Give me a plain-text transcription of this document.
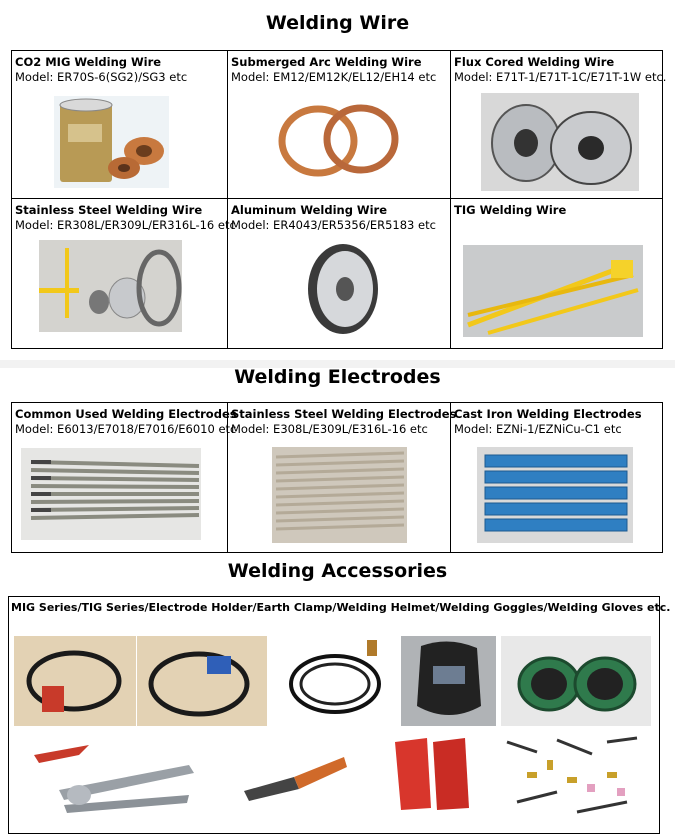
Welding Wire
CO2 MIG Welding Wire
Model: ER70S-6(SG2)/SG3 etc
Submerged Arc Welding Wire
Model: EM12/EM12K/EL12/EH14 etc
Flux Cored Welding Wire
Model: E71T-1/E71T-1C/E71T-1W etc.
Stainless Steel Welding Wire
Model: ER308L/ER309L/ER316L-16 etc
Aluminum Welding Wire
Model: ER4043/ER5356/ER5183 etc
TIG Welding Wire
Welding Electrodes
Common Used Welding Electrodes
Model: E6013/E7018/E7016/E6010 etc
Stainless Steel Welding Electrodes
Model: E308L/E309L/E316L-16 etc
Cast Iron Welding Electrodes
Model: EZNi-1/EZNiCu-C1 etc
Welding Accessories
MIG Series/TIG Series/Electrode Holder/Earth Clamp/Welding Helmet/Welding Goggles/Welding Gloves etc.
